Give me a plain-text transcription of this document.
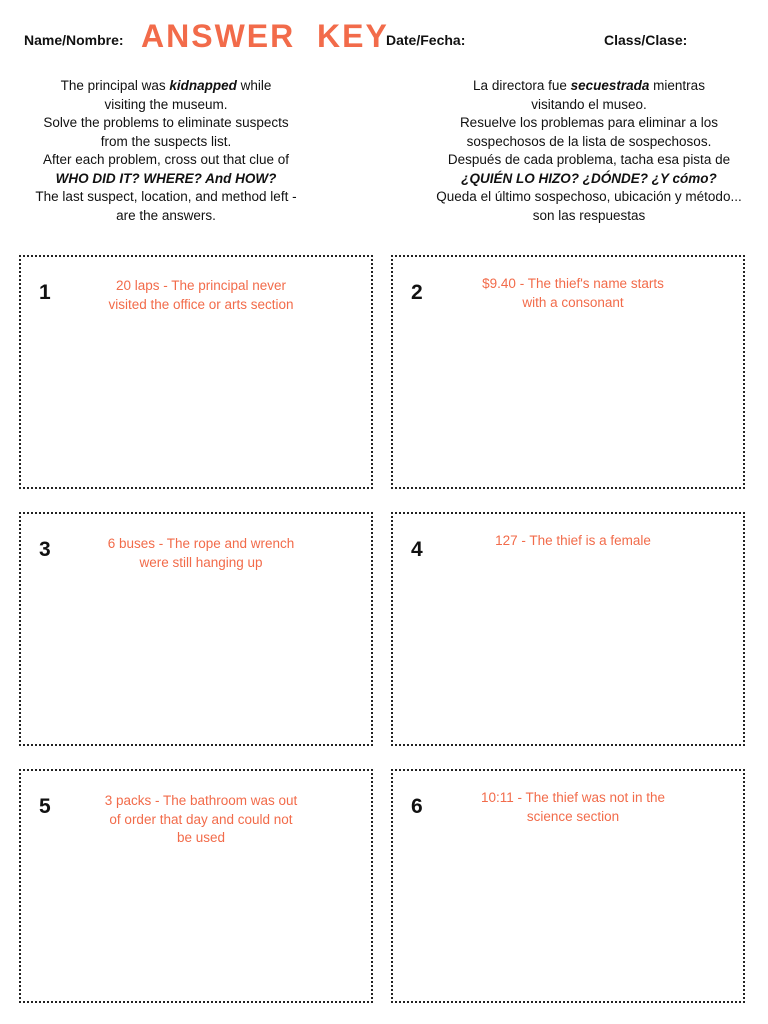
Name/Nombre: ANSWER  KEY
Date/Fecha:	Class/Clase:
The principal was kidnapped while
visiting the museum.
Solve the problems to eliminate suspects
from the suspects list.
After each problem, cross out that clue of
WHO DID IT? WHERE? And HOW?
The last suspect, location, and method left -
are the answers.
La directora fue secuestrada mientras
visitando el museo.
Resuelve los problemas para eliminar a los
sospechosos de la lista de sospechosos.
Después de cada problema, tacha esa pista de
¿QUIÉN LO HIZO? ¿DÓNDE? ¿Y cómo?
Queda el último sospechoso, ubicación y método...
son las respuestas
1	20 laps - The principal never
visited the office or arts section	2	$9.40 - The thief's name starts
with a consonant
3	6 buses - The rope and wrench
were still hanging up
4	127 - The thief is a female
5	3 packs - The bathroom was out
of order that day and could not
be used
6	10:11 - The thief was not in the
science section
